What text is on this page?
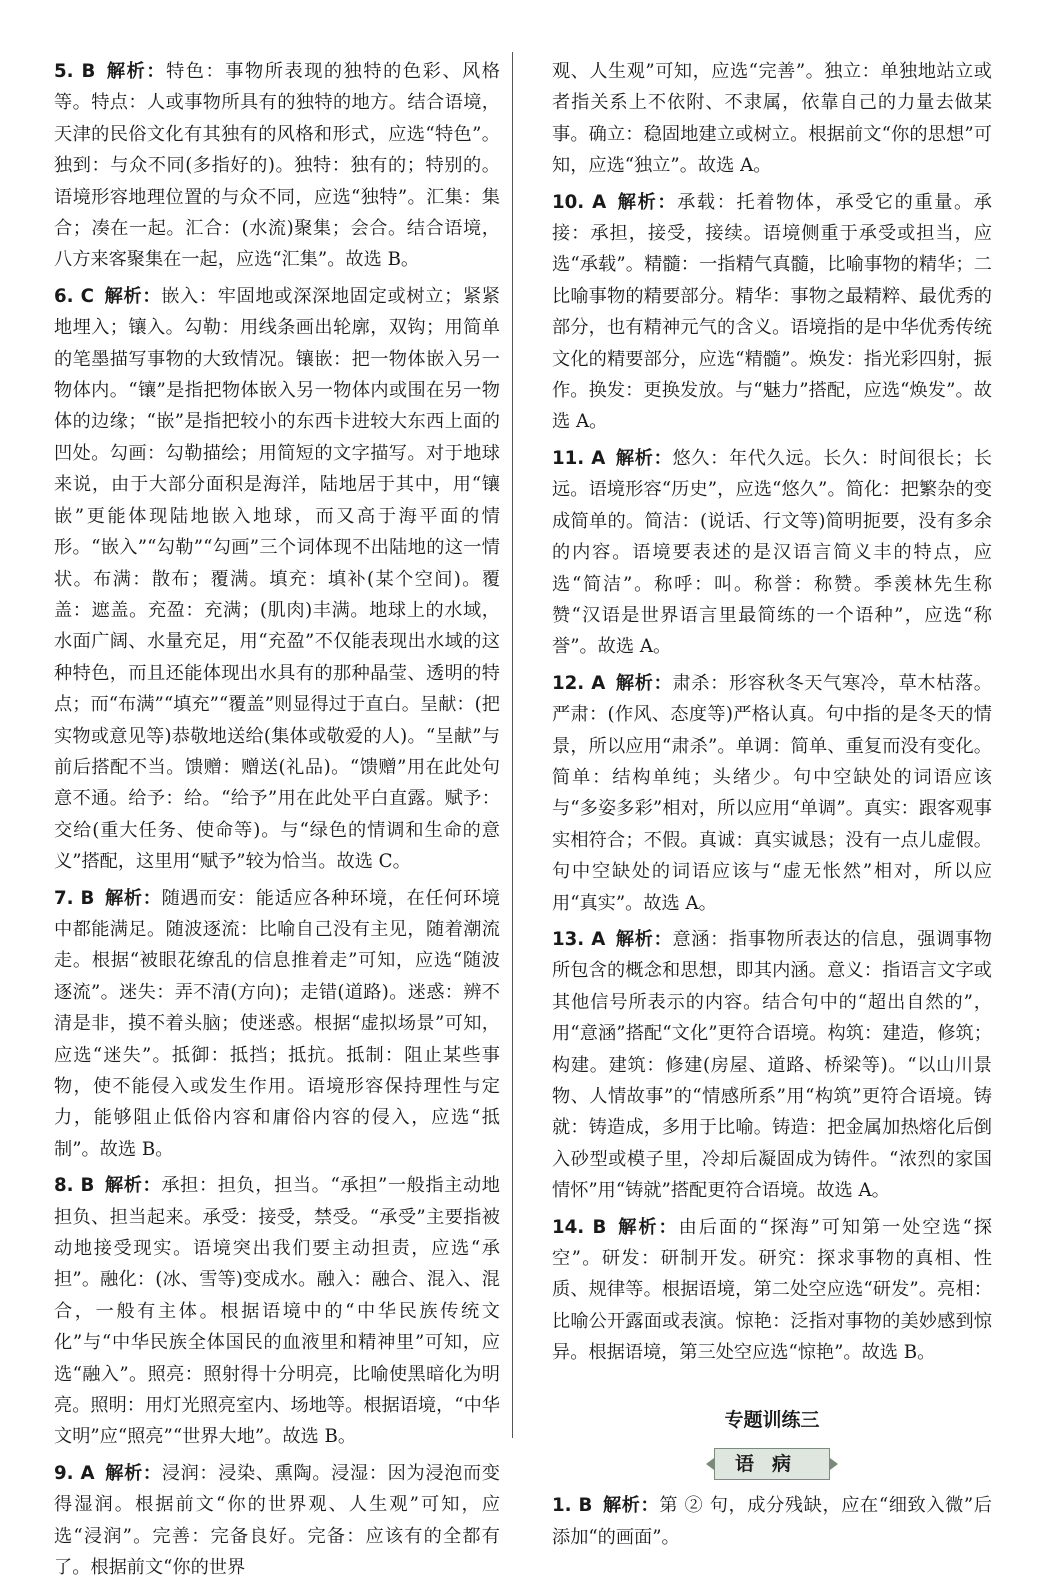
5. B 解析：特色：事物所表现的独特的色彩、风格等。特点：人或事物所具有的独特的地方。结合语境，天津的民俗文化有其独有的风格和形式，应选“特色”。独到：与众不同(多指好的)。独特：独有的；特别的。语境形容地理位置的与众不同，应选“独特”。汇集：集合；凑在一起。汇合：(水流)聚集；会合。结合语境，八方来客聚集在一起，应选“汇集”。故选 B。

6. C 解析：嵌入：牢固地或深深地固定或树立；紧紧地埋入；镶入。勾勒：用线条画出轮廓，双钩；用简单的笔墨描写事物的大致情况。镶嵌：把一物体嵌入另一物体内。“镶”是指把物体嵌入另一物体内或围在另一物体的边缘；“嵌”是指把较小的东西卡进较大东西上面的凹处。勾画：勾勒描绘；用简短的文字描写。对于地球来说，由于大部分面积是海洋，陆地居于其中，用“镶嵌”更能体现陆地嵌入地球，而又高于海平面的情形。“嵌入”“勾勒”“勾画”三个词体现不出陆地的这一情状。布满：散布；覆满。填充：填补(某个空间)。覆盖：遮盖。充盈：充满；(肌肉)丰满。地球上的水域，水面广阔、水量充足，用“充盈”不仅能表现出水域的这种特色，而且还能体现出水具有的那种晶莹、透明的特点；而“布满”“填充”“覆盖”则显得过于直白。呈献：(把实物或意见等)恭敬地送给(集体或敬爱的人)。“呈献”与前后搭配不当。馈赠：赠送(礼品)。“馈赠”用在此处句意不通。给予：给。“给予”用在此处平白直露。赋予：交给(重大任务、使命等)。与“绿色的情调和生命的意义”搭配，这里用“赋予”较为恰当。故选 C。

7. B 解析：随遇而安：能适应各种环境，在任何环境中都能满足。随波逐流：比喻自己没有主见，随着潮流走。根据“被眼花缭乱的信息推着走”可知，应选“随波逐流”。迷失：弄不清(方向)；走错(道路)。迷惑：辨不清是非，摸不着头脑；使迷惑。根据“虚拟场景”可知，应选“迷失”。抵御：抵挡；抵抗。抵制：阻止某些事物，使不能侵入或发生作用。语境形容保持理性与定力，能够阻止低俗内容和庸俗内容的侵入，应选“抵制”。故选 B。

8. B 解析：承担：担负，担当。“承担”一般指主动地担负、担当起来。承受：接受，禁受。“承受”主要指被动地接受现实。语境突出我们要主动担责，应选“承担”。融化：(冰、雪等)变成水。融入：融合、混入、混合，一般有主体。根据语境中的“中华民族传统文化”与“中华民族全体国民的血液里和精神里”可知，应选“融入”。照亮：照射得十分明亮，比喻使黑暗化为明亮。照明：用灯光照亮室内、场地等。根据语境，“中华文明”应“照亮”“世界大地”。故选 B。

9. A 解析：浸润：浸染、熏陶。浸湿：因为浸泡而变得湿润。根据前文“你的世界观、人生观”可知，应选“浸润”。完善：完备良好。完备：应该有的全都有了。根据前文“你的世界

观、人生观”可知，应选“完善”。独立：单独地站立或者指关系上不依附、不隶属，依靠自己的力量去做某事。确立：稳固地建立或树立。根据前文“你的思想”可知，应选“独立”。故选 A。

10. A 解析：承载：托着物体，承受它的重量。承接：承担，接受，接续。语境侧重于承受或担当，应选“承载”。精髓：一指精气真髓，比喻事物的精华；二比喻事物的精要部分。精华：事物之最精粹、最优秀的部分，也有精神元气的含义。语境指的是中华优秀传统文化的精要部分，应选“精髓”。焕发：指光彩四射，振作。换发：更换发放。与“魅力”搭配，应选“焕发”。故选 A。

11. A 解析：悠久：年代久远。长久：时间很长；长远。语境形容“历史”，应选“悠久”。简化：把繁杂的变成简单的。简洁：(说话、行文等)简明扼要，没有多余的内容。语境要表述的是汉语言简义丰的特点，应选“简洁”。称呼：叫。称誉：称赞。季羡林先生称赞“汉语是世界语言里最简练的一个语种”，应选“称誉”。故选 A。

12. A 解析：肃杀：形容秋冬天气寒冷，草木枯落。严肃：(作风、态度等)严格认真。句中指的是冬天的情景，所以应用“肃杀”。单调：简单、重复而没有变化。简单：结构单纯；头绪少。句中空缺处的词语应该与“多姿多彩”相对，所以应用“单调”。真实：跟客观事实相符合；不假。真诚：真实诚恳；没有一点儿虚假。句中空缺处的词语应该与“虚无怅然”相对，所以应用“真实”。故选 A。

13. A 解析：意涵：指事物所表达的信息，强调事物所包含的概念和思想，即其内涵。意义：指语言文字或其他信号所表示的内容。结合句中的“超出自然的”，用“意涵”搭配“文化”更符合语境。构筑：建造，修筑；构建。建筑：修建(房屋、道路、桥梁等)。“以山川景物、人情故事”的“情感所系”用“构筑”更符合语境。铸就：铸造成，多用于比喻。铸造：把金属加热熔化后倒入砂型或模子里，冷却后凝固成为铸件。“浓烈的家国情怀”用“铸就”搭配更符合语境。故选 A。

14. B 解析：由后面的“探海”可知第一处空选“探空”。研发：研制开发。研究：探求事物的真相、性质、规律等。根据语境，第二处空应选“研发”。亮相：比喻公开露面或表演。惊艳：泛指对事物的美妙感到惊异。根据语境，第三处空应选“惊艳”。故选 B。

专题训练三
语病

1. B 解析：第 ② 句，成分残缺，应在“细致入微”后添加“的画面”。
